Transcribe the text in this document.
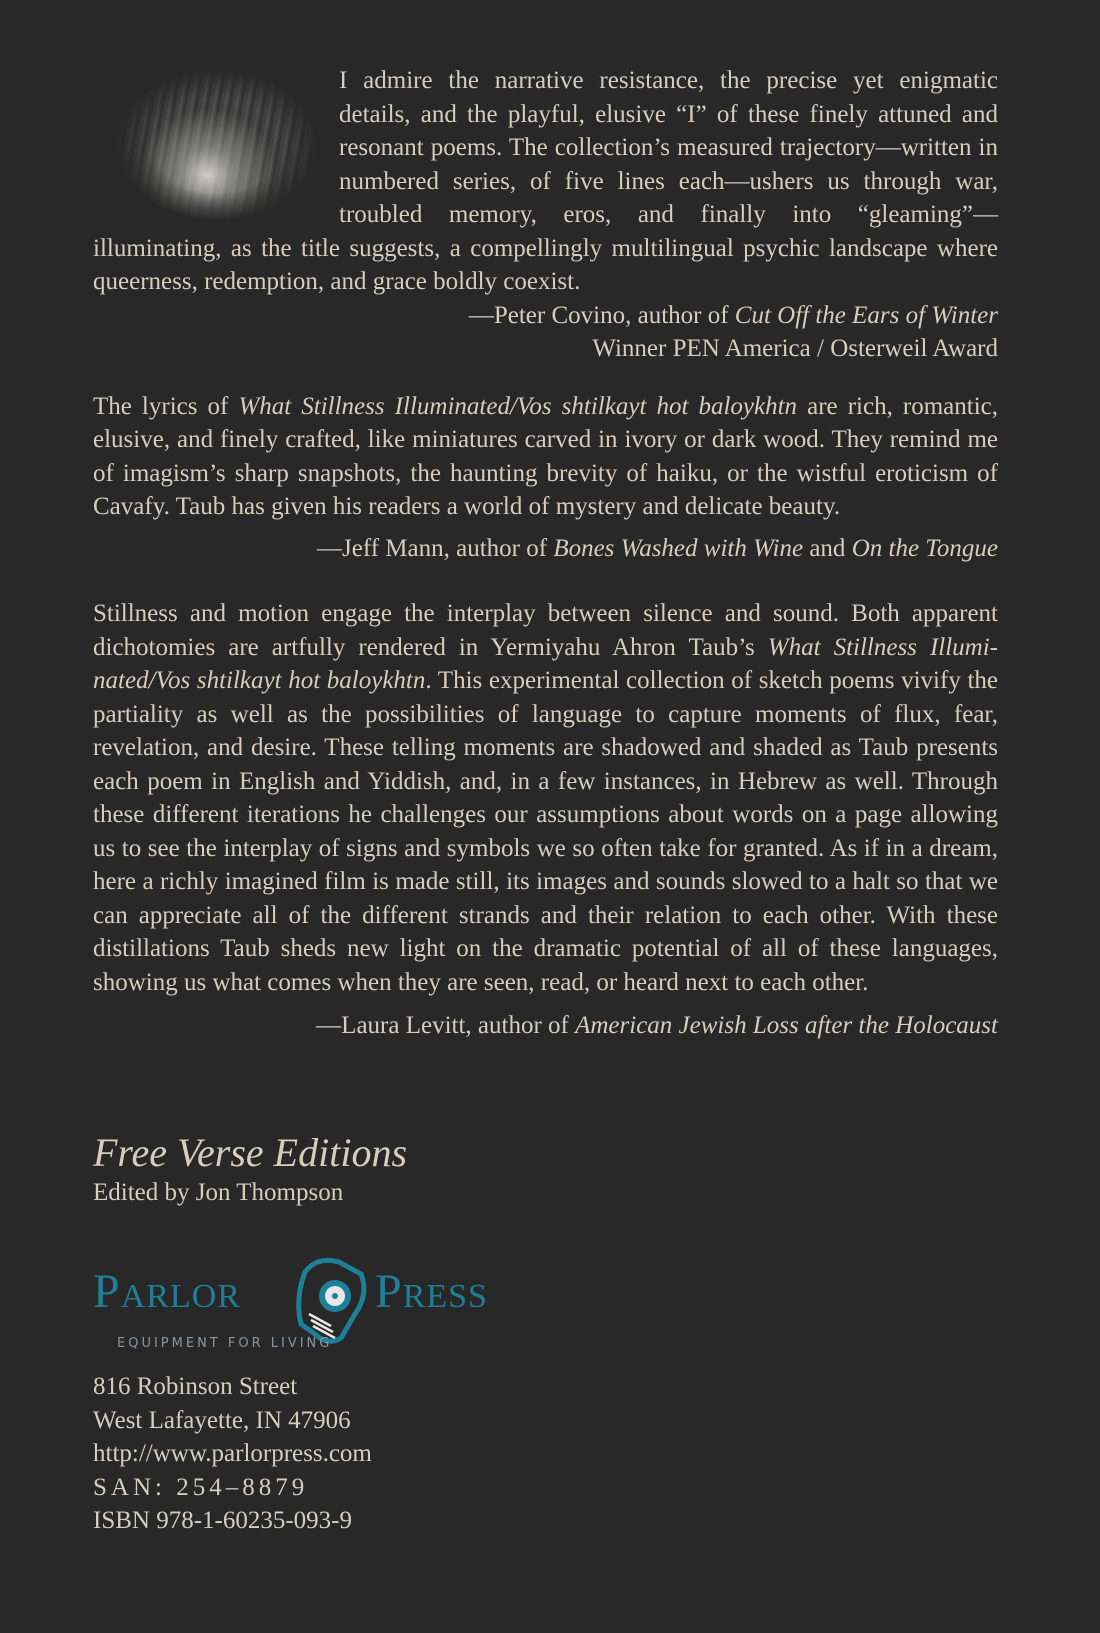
I admire the narrative resistance, the precise yet enigmatic details, and the playful, elusive “I” of these finely attuned and resonant poems. The collection’s measured trajectory—written in numbered series, of five lines each—ushers us through war, troubled memory, eros, and finally into “gleaming”—illuminating, as the title suggests, a compellingly multilingual psychic landscape where queerness, redemption, and grace boldly coexist.

—Peter Covino, author of Cut Off the Ears of Winter
Winner PEN America / Osterweil Award

The lyrics of What Stillness Illuminated/Vos shtilkayt hot baloykhtn are rich, romantic, elusive, and finely crafted, like miniatures carved in ivory or dark wood. They remind me of imagism’s sharp snapshots, the haunting brevity of haiku, or the wistful eroticism of Cavafy. Taub has given his readers a world of mystery and delicate beauty.

—Jeff Mann, author of Bones Washed with Wine and On the Tongue

Stillness and motion engage the interplay between silence and sound. Both apparent dichotomies are artfully rendered in Yermiyahu Ahron Taub’s What Stillness Illuminated/Vos shtilkayt hot baloykhtn. This experimental collection of sketch poems vivify the partiality as well as the possibilities of language to capture moments of flux, fear, revelation, and desire. These telling moments are shadowed and shaded as Taub presents each poem in English and Yiddish, and, in a few instances, in Hebrew as well. Through these different iterations he challenges our assumptions about words on a page allowing us to see the interplay of signs and symbols we so often take for granted. As if in a dream, here a richly imagined film is made still, its images and sounds slowed to a halt so that we can appreciate all of the different strands and their relation to each other. With these distillations Taub sheds new light on the dramatic potential of all of these languages, showing us what comes when they are seen, read, or heard next to each other.

—Laura Levitt, author of American Jewish Loss after the Holocaust
Free Verse Editions
Edited by Jon Thompson
Parlor	Press
EQUIPMENT FOR LIVING
816 Robinson Street
West Lafayette, IN 47906
http://www.parlorpress.com
SAN: 254–8879
ISBN 978-1-60235-093-9
